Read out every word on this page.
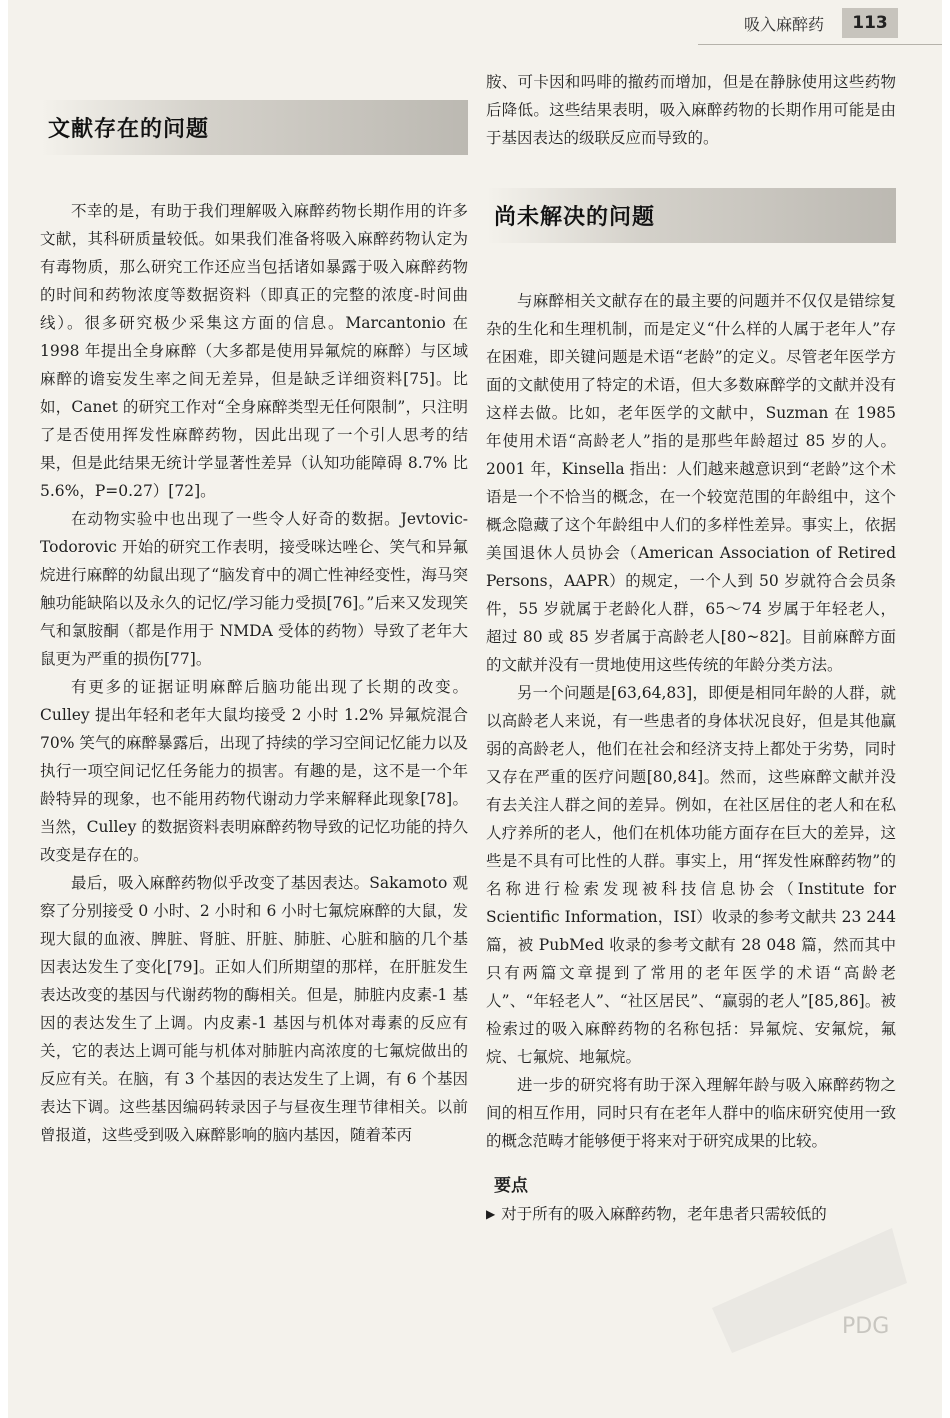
吸入麻醉药	113
文献存在的问题

不幸的是，有助于我们理解吸入麻醉药物长期作用的许多文献，其科研质量较低。如果我们准备将吸入麻醉药物认定为有毒物质，那么研究工作还应当包括诸如暴露于吸入麻醉药物的时间和药物浓度等数据资料（即真正的完整的浓度-时间曲线）。很多研究极少采集这方面的信息。Marcantonio 在 1998 年提出全身麻醉（大多都是使用异氟烷的麻醉）与区域麻醉的谵妄发生率之间无差异，但是缺乏详细资料[75]。比如，Canet 的研究工作对“全身麻醉类型无任何限制”，只注明了是否使用挥发性麻醉药物，因此出现了一个引人思考的结果，但是此结果无统计学显著性差异（认知功能障碍 8.7% 比 5.6%，P=0.27）[72]。

在动物实验中也出现了一些令人好奇的数据。Jevtovic-Todorovic 开始的研究工作表明，接受咪达唑仑、笑气和异氟烷进行麻醉的幼鼠出现了“脑发育中的凋亡性神经变性，海马突触功能缺陷以及永久的记忆/学习能力受损[76]。”后来又发现笑气和氯胺酮（都是作用于 NMDA 受体的药物）导致了老年大鼠更为严重的损伤[77]。

有更多的证据证明麻醉后脑功能出现了长期的改变。Culley 提出年轻和老年大鼠均接受 2 小时 1.2% 异氟烷混合 70% 笑气的麻醉暴露后，出现了持续的学习空间记忆能力以及执行一项空间记忆任务能力的损害。有趣的是，这不是一个年龄特异的现象，也不能用药物代谢动力学来解释此现象[78]。当然，Culley 的数据资料表明麻醉药物导致的记忆功能的持久改变是存在的。

最后，吸入麻醉药物似乎改变了基因表达。Sakamoto 观察了分别接受 0 小时、2 小时和 6 小时七氟烷麻醉的大鼠，发现大鼠的血液、脾脏、肾脏、肝脏、肺脏、心脏和脑的几个基因表达发生了变化[79]。正如人们所期望的那样，在肝脏发生表达改变的基因与代谢药物的酶相关。但是，肺脏内皮素-1 基因的表达发生了上调。内皮素-1 基因与机体对毒素的反应有关，它的表达上调可能与机体对肺脏内高浓度的七氟烷做出的反应有关。在脑，有 3 个基因的表达发生了上调，有 6 个基因表达下调。这些基因编码转录因子与昼夜生理节律相关。以前曾报道，这些受到吸入麻醉影响的脑内基因，随着苯丙

胺、可卡因和吗啡的撤药而增加，但是在静脉使用这些药物后降低。这些结果表明，吸入麻醉药物的长期作用可能是由于基因表达的级联反应而导致的。

尚未解决的问题

与麻醉相关文献存在的最主要的问题并不仅仅是错综复杂的生化和生理机制，而是定义“什么样的人属于老年人”存在困难，即关键问题是术语“老龄”的定义。尽管老年医学方面的文献使用了特定的术语，但大多数麻醉学的文献并没有这样去做。比如，老年医学的文献中，Suzman 在 1985 年使用术语“高龄老人”指的是那些年龄超过 85 岁的人。2001 年，Kinsella 指出：人们越来越意识到“老龄”这个术语是一个不恰当的概念，在一个较宽范围的年龄组中，这个概念隐藏了这个年龄组中人们的多样性差异。事实上，依据美国退休人员协会（American Association of Retired Persons，AAPR）的规定，一个人到 50 岁就符合会员条件，55 岁就属于老龄化人群，65～74 岁属于年轻老人，超过 80 或 85 岁者属于高龄老人[80~82]。目前麻醉方面的文献并没有一贯地使用这些传统的年龄分类方法。

另一个问题是[63,64,83]，即便是相同年龄的人群，就以高龄老人来说，有一些患者的身体状况良好，但是其他赢弱的高龄老人，他们在社会和经济支持上都处于劣势，同时又存在严重的医疗问题[80,84]。然而，这些麻醉文献并没有去关注人群之间的差异。例如，在社区居住的老人和在私人疗养所的老人，他们在机体功能方面存在巨大的差异，这些是不具有可比性的人群。事实上，用“挥发性麻醉药物”的名称进行检索发现被科技信息协会（Institute for Scientific Information，ISI）收录的参考文献共 23 244 篇，被 PubMed 收录的参考文献有 28 048 篇，然而其中只有两篇文章提到了常用的老年医学的术语“高龄老人”、“年轻老人”、“社区居民”、“赢弱的老人”[85,86]。被检索过的吸入麻醉药物的名称包括：异氟烷、安氟烷，氟烷、七氟烷、地氟烷。

进一步的研究将有助于深入理解年龄与吸入麻醉药物之间的相互作用，同时只有在老年人群中的临床研究使用一致的概念范畴才能够便于将来对于研究成果的比较。

要点

▶ 对于所有的吸入麻醉药物，老年患者只需较低的

PDG
